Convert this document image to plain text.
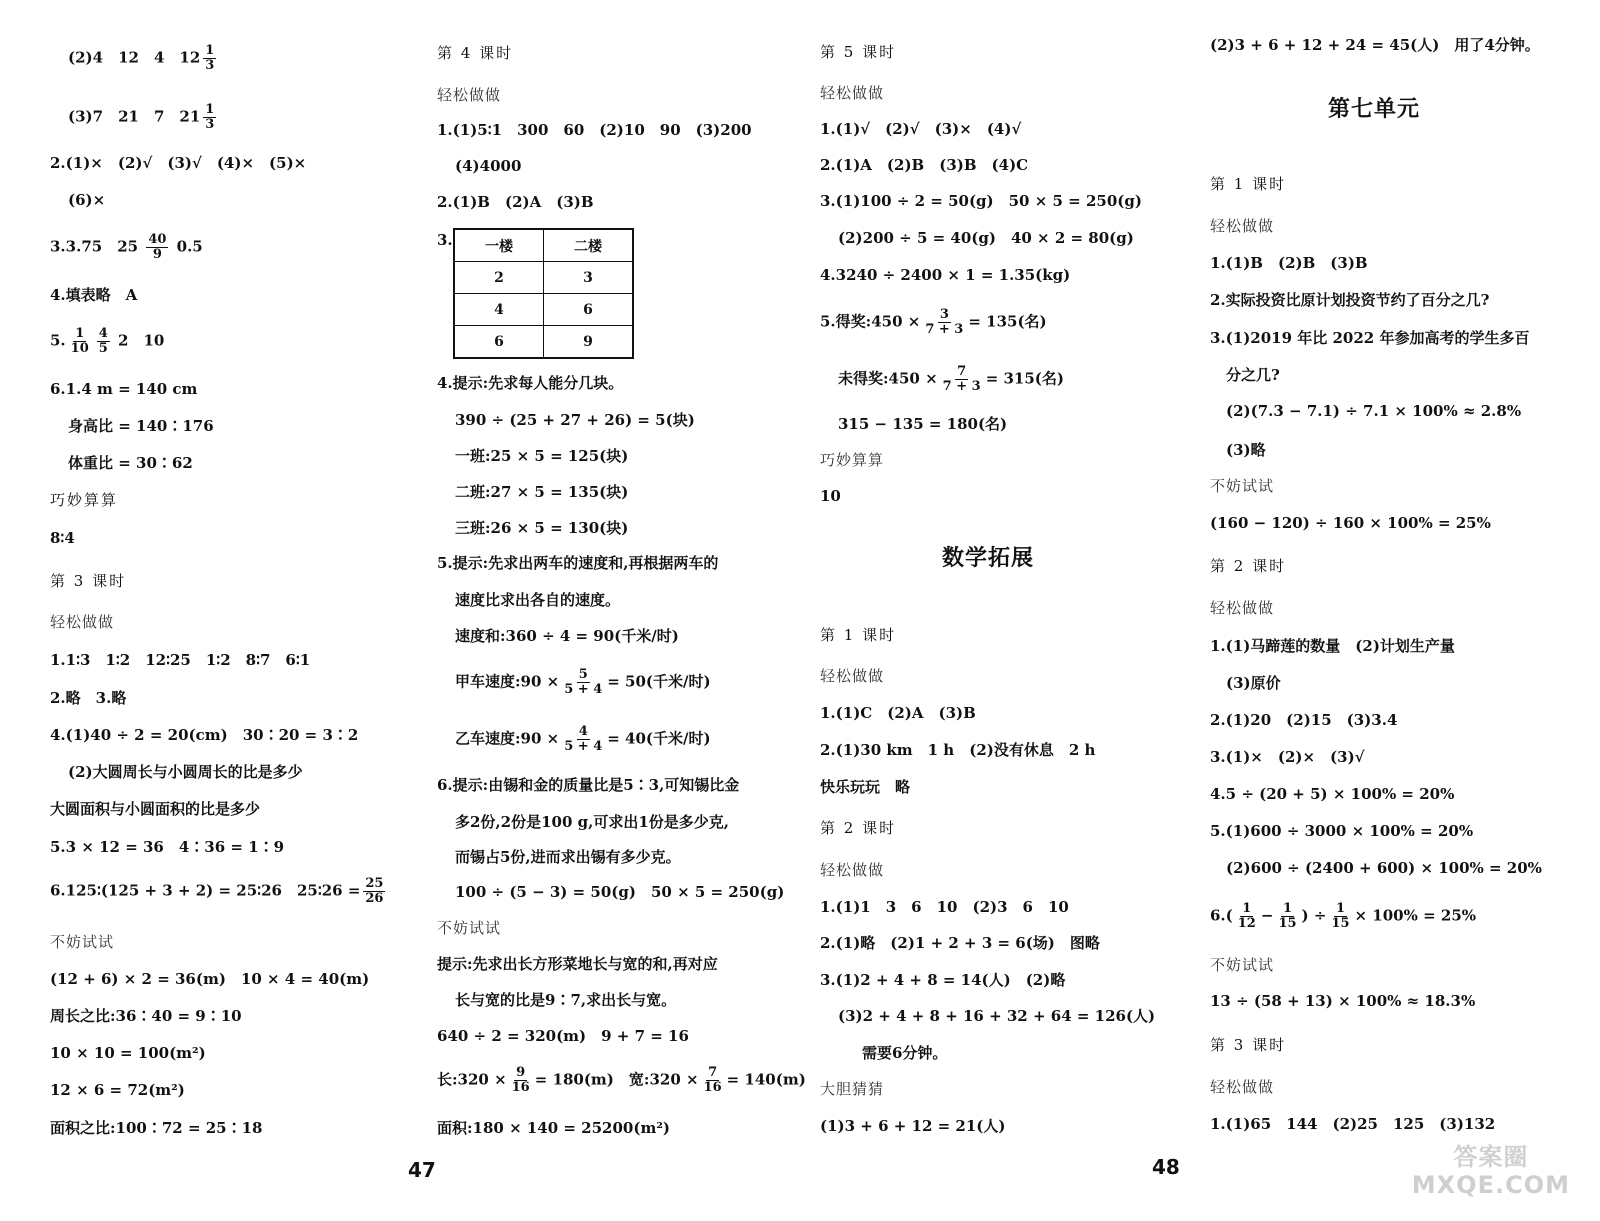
(2)4　12　4　$12 \frac{1}{3}$
(3)7　21　7　$21 \frac{1}{3}$
2.(1)×　(2)√　(3)√　(4)×　(5)×
(6)×
3.3.75　$25 \frac{40}{9} 0.5$
4.填表略　A
5. $\frac{1}{10} \frac{4}{5} 2$　10
6.1.4 m = 140 cm
身高比 = 140∶176
体重比 = 30∶62
巧妙算算
8∶4
第 3 课时
轻松做做
1.1∶3　1∶2　12∶25　1∶2　8∶7　6∶1
2.略　3.略
4.(1)40 ÷ 2 = 20(cm)　30∶20 = 3∶2
(2)大圆周长与小圆周长的比是多少
大圆面积与小圆面积的比是多少
5.3 × 12 = 36　4∶36 = 1∶9
6.125∶(125 + 3 + 2) = 25∶26　25∶26 = $\frac{25}{26}$
不妨试试
(12 + 6) × 2 = 36(m)　10 × 4 = 40(m)
周长之比:36∶40 = 9∶10
10 × 10 = 100(m²)
12 × 6 = 72(m²)
面积之比:100∶72 = 25∶18
第 4 课时
轻松做做
1.(1)5∶1　300　60　(2)10　90　(3)200
(4)4000
2.(1)B　(2)A　(3)B
3. 一楼	二楼
2	3
4	6
6	9
4.提示:先求每人能分几块。
390 ÷ (25 + 27 + 26) = 5(块)
一班:25 × 5 = 125(块)
二班:27 × 5 = 135(块)
三班:26 × 5 = 130(块)
5.提示:先求出两车的速度和,再根据两车的
速度比求出各自的速度。
速度和:360 ÷ 4 = 90(千米/时)
甲车速度:90 × $\frac{5}{5 + 4} = 50$(千米/时)
乙车速度:90 × $\frac{4}{5 + 4} = 40$(千米/时)
6.提示:由锡和金的质量比是5∶3,可知锡比金
多2份,2份是100 g,可求出1份是多少克,
而锡占5份,进而求出锡有多少克。
100 ÷ (5 − 3) = 50(g)　50 × 5 = 250(g)
不妨试试
提示:先求出长方形菜地长与宽的和,再对应
长与宽的比是9∶7,求出长与宽。
640 ÷ 2 = 320(m)　9 + 7 = 16
长:320 × $\frac{9}{16} = 180(m)$　宽:320 × $\frac{7}{16} = 140(m)$
面积:180 × 140 = 25200(m²)
第 5 课时
轻松做做
1.(1)√　(2)√　(3)×　(4)√
2.(1)A　(2)B　(3)B　(4)C
3.(1)100 ÷ 2 = 50(g)　50 × 5 = 250(g)
(2)200 ÷ 5 = 40(g)　40 × 2 = 80(g)
4.3240 ÷ 2400 × 1 = 1.35(kg)
5.得奖:450 × $\frac{3}{7 + 3} = 135$(名)
未得奖:450 × $\frac{7}{7 + 3} = 315$(名)
315 − 135 = 180(名)
巧妙算算
10
数学拓展
第 1 课时
轻松做做
1.(1)C　(2)A　(3)B
2.(1)30 km　1 h　(2)没有休息　2 h
快乐玩玩　略
第 2 课时
轻松做做
1.(1)1　3　6　10　(2)3　6　10
2.(1)略　(2)1 + 2 + 3 = 6(场)　图略
3.(1)2 + 4 + 8 = 14(人)　(2)略
(3)2 + 4 + 8 + 16 + 32 + 64 = 126(人)
需要6分钟。
大胆猜猜
(1)3 + 6 + 12 = 21(人)
(2)3 + 6 + 12 + 24 = 45(人)　用了4分钟。
第七单元
第 1 课时
轻松做做
1.(1)B　(2)B　(3)B
2.实际投资比原计划投资节约了百分之几?
3.(1)2019 年比 2022 年参加高考的学生多百
分之几?
(2)(7.3 − 7.1) ÷ 7.1 × 100% ≈ 2.8%
(3)略
不妨试试
(160 − 120) ÷ 160 × 100% = 25%
第 2 课时
轻松做做
1.(1)马蹄莲的数量　(2)计划生产量
(3)原价
2.(1)20　(2)15　(3)3.4
3.(1)×　(2)×　(3)√
4.5 ÷ (20 + 5) × 100% = 20%
5.(1)600 ÷ 3000 × 100% = 20%
(2)600 ÷ (2400 + 600) × 100% = 20%
$6.( \frac{1}{12} - \frac{1}{15}$ ) ÷ $\frac{1}{15} \times 100\% = 25\%$
不妨试试
13 ÷ (58 + 13) × 100% ≈ 18.3%
第 3 课时
轻松做做
1.(1)65　144　(2)25　125　(3)132
47	48	答案圈
MXQE.COM
